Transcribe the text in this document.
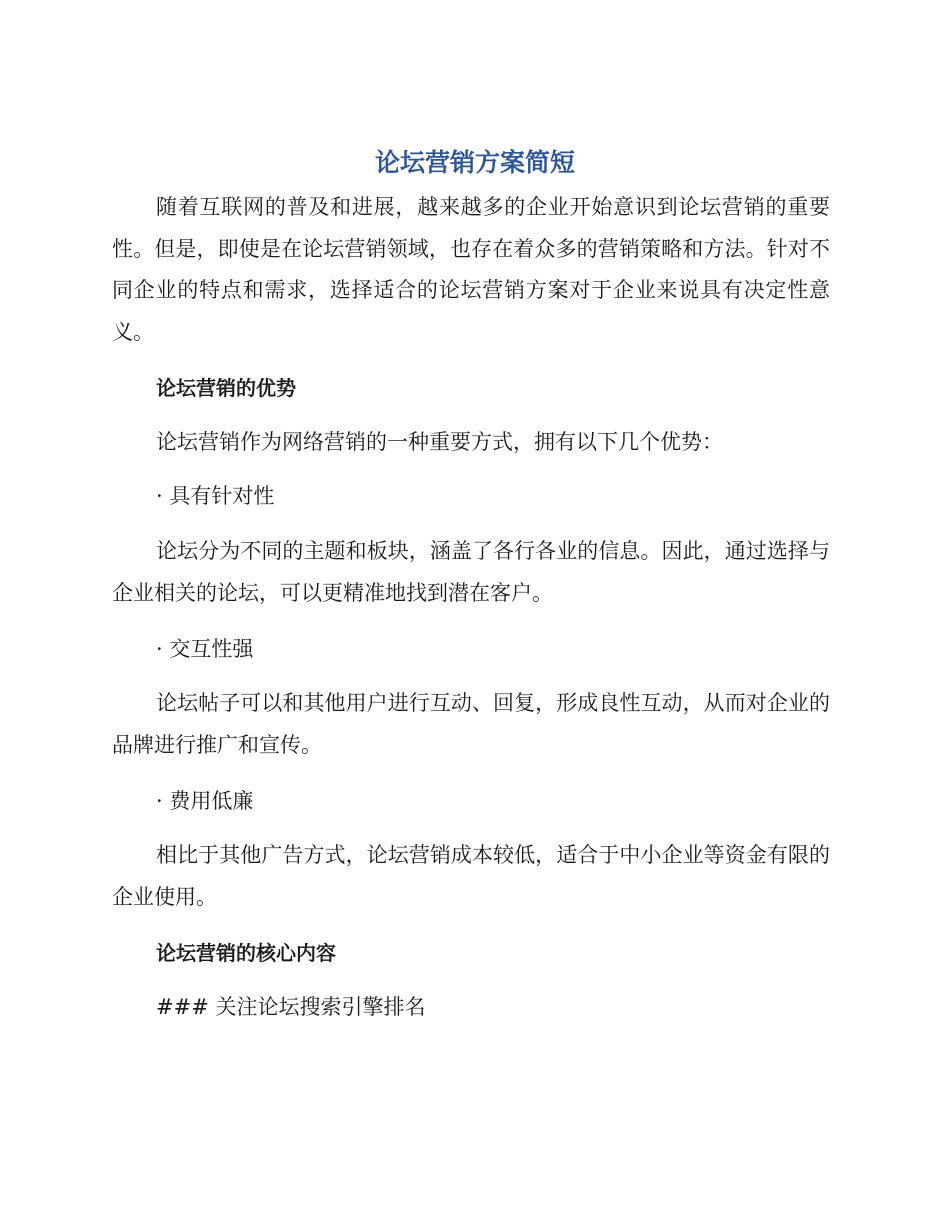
论坛营销方案简短

随着互联网的普及和进展，越来越多的企业开始意识到论坛营销的重要性。但是，即使是在论坛营销领域，也存在着众多的营销策略和方法。针对不同企业的特点和需求，选择适合的论坛营销方案对于企业来说具有决定性意义。

论坛营销的优势

论坛营销作为网络营销的一种重要方式，拥有以下几个优势：

· 具有针对性

论坛分为不同的主题和板块，涵盖了各行各业的信息。因此，通过选择与企业相关的论坛，可以更精准地找到潜在客户。

· 交互性强

论坛帖子可以和其他用户进行互动、回复，形成良性互动，从而对企业的品牌进行推广和宣传。

· 费用低廉

相比于其他广告方式，论坛营销成本较低，适合于中小企业等资金有限的企业使用。

论坛营销的核心内容

### 关注论坛搜索引擎排名
